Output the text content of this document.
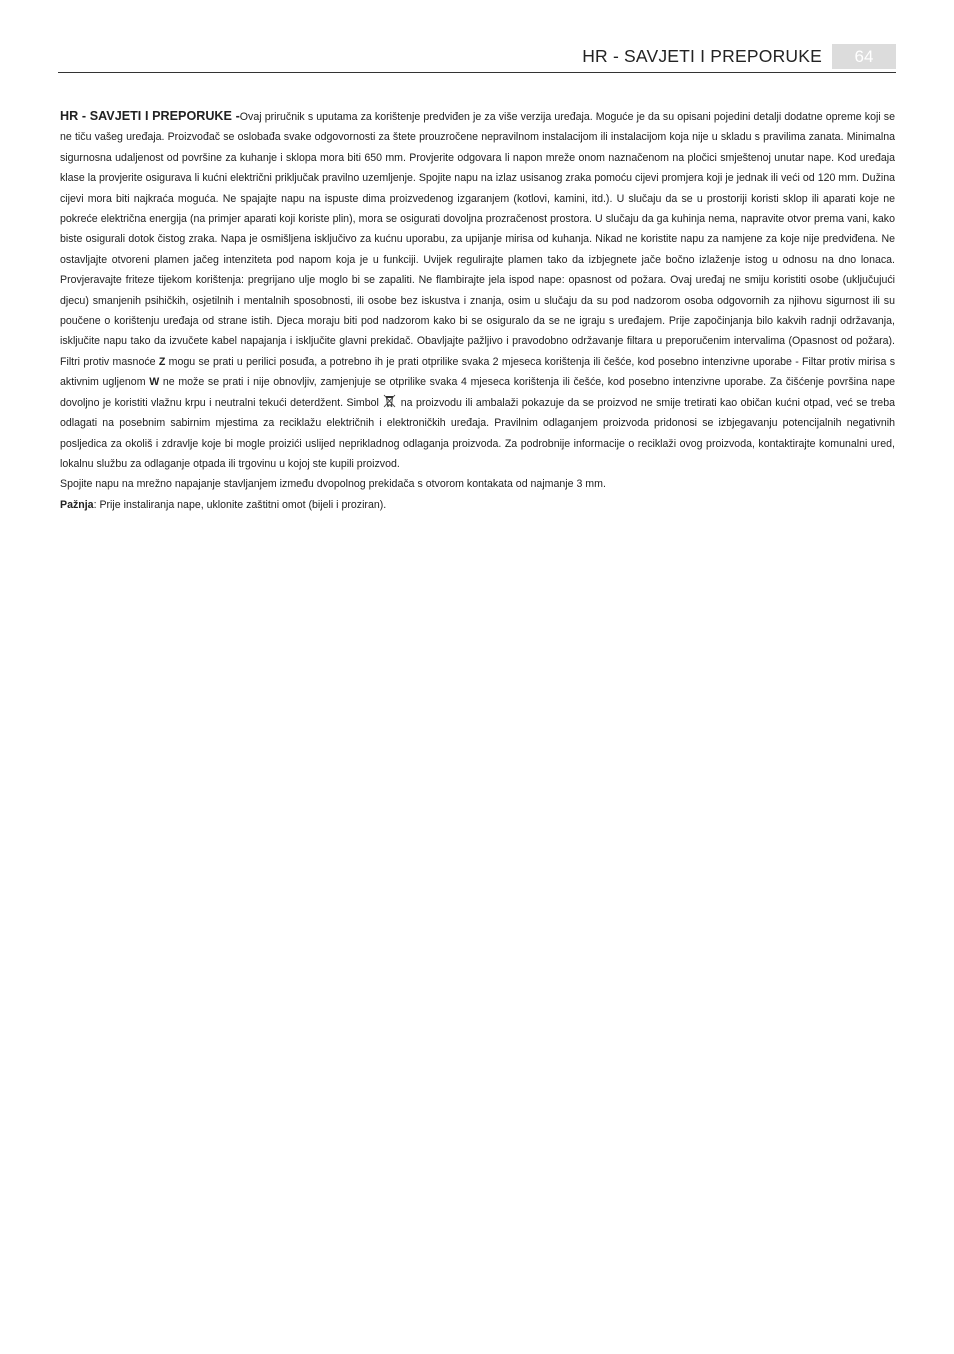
HR - SAVJETI I PREPORUKE	64

HR - SAVJETI I PREPORUKE -Ovaj priručnik s uputama za korištenje predviđen je za više verzija uređaja. Moguće je da su opisani pojedini detalji dodatne opreme koji se ne tiču vašeg uređaja. Proizvođač se oslobađa svake odgovornosti za štete prouzročene nepravilnom instalacijom ili instalacijom koja nije u skladu s pravilima zanata. Minimalna sigurnosna udaljenost od površine za kuhanje i sklopa mora biti 650 mm. Provjerite odgovara li napon mreže onom naznačenom na pločici smještenoj unutar nape. Kod uređaja klase la provjerite osigurava li kućni električni priključak pravilno uzemljenje. Spojite napu na izlaz usisanog zraka pomoću cijevi promjera koji je jednak ili veći od 120 mm. Dužina cijevi mora biti najkraća moguća. Ne spajajte napu na ispuste dima proizvedenog izgaranjem (kotlovi, kamini, itd.). U slučaju da se u prostoriji koristi sklop ili aparati koje ne pokreće električna energija (na primjer aparati koji koriste plin), mora se osigurati dovoljna prozračenost prostora. U slučaju da ga kuhinja nema, napravite otvor prema vani, kako biste osigurali dotok čistog zraka. Napa je osmišljena isključivo za kućnu uporabu, za upijanje mirisa od kuhanja. Nikad ne koristite napu za namjene za koje nije predviđena. Ne ostavljajte otvoreni plamen jačeg intenziteta pod napom koja je u funkciji. Uvijek regulirajte plamen tako da izbjegnete jače bočno izlaženje istog u odnosu na dno lonaca. Provjeravajte friteze tijekom korištenja: pregrijano ulje moglo bi se zapaliti. Ne flambirajte jela ispod nape: opasnost od požara. Ovaj uređaj ne smiju koristiti osobe (uključujući djecu) smanjenih psihičkih, osjetilnih i mentalnih sposobnosti, ili osobe bez iskustva i znanja, osim u slučaju da su pod nadzorom osoba odgovornih za njihovu sigurnost ili su poučene o korištenju uređaja od strane istih. Djeca moraju biti pod nadzorom kako bi se osiguralo da se ne igraju s uređajem. Prije započinjanja bilo kakvih radnji održavanja, isključite napu tako da izvučete kabel napajanja i isključite glavni prekidač. Obavljajte pažljivo i pravodobno održavanje filtara u preporučenim intervalima (Opasnost od požara). Filtri protiv masnoće Z mogu se prati u perilici posuđa, a potrebno ih je prati otprilike svaka 2 mjeseca korištenja ili češće, kod posebno intenzivne uporabe - Filtar protiv mirisa s aktivnim ugljenom W ne može se prati i nije obnovljiv, zamjenjuje se otprilike svaka 4 mjeseca korištenja ili češće, kod posebno intenzivne uporabe. Za čišćenje površina nape dovoljno je koristiti vlažnu krpu i neutralni tekući deterdžent. Simbol  na proizvodu ili ambalaži pokazuje da se proizvod ne smije tretirati kao običan kućni otpad, već se treba odlagati na posebnim sabirnim mjestima za reciklažu električnih i elektroničkih uređaja. Pravilnim odlaganjem proizvoda pridonosi se izbjegavanju potencijalnih negativnih posljedica za okoliš i zdravlje koje bi mogle proizići uslijed neprikladnog odlaganja proizvoda. Za podrobnije informacije o reciklaži ovog proizvoda, kontaktirajte komunalni ured, lokalnu službu za odlaganje otpada ili trgovinu u kojoj ste kupili proizvod.

Spojite napu na mrežno napajanje stavljanjem između dvopolnog prekidača s otvorom kontakata od najmanje 3 mm.

Pažnja: Prije instaliranja nape, uklonite zaštitni omot (bijeli i proziran).
